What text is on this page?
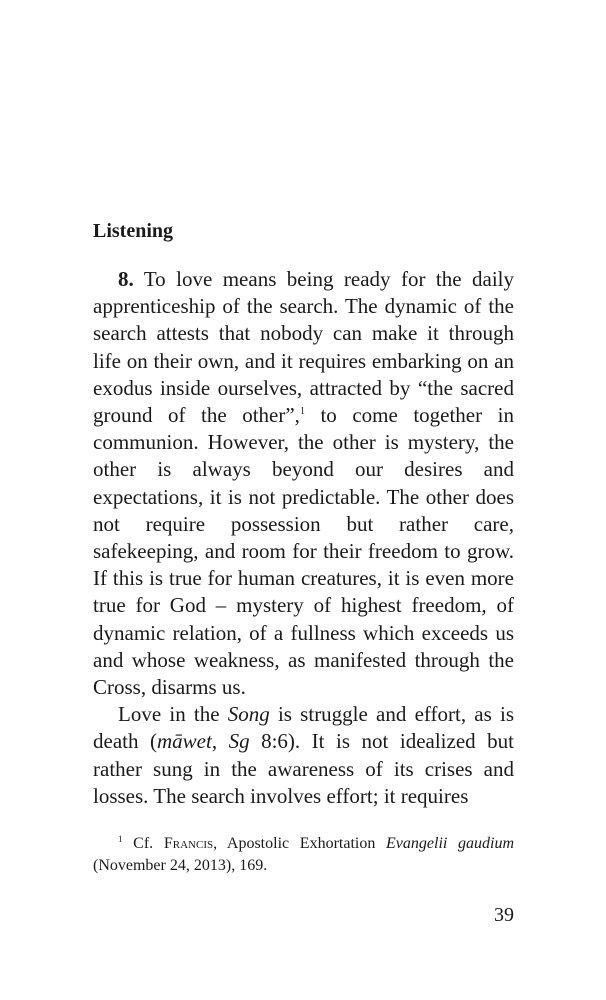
Listening

8. To love means being ready for the daily apprenticeship of the search. The dynamic of the search attests that nobody can make it through life on their own, and it requires embarking on an exodus inside ourselves, attracted by “the sacred ground of the other”,$^1$ to come together in communion. However, the other is mystery, the other is always beyond our desires and expectations, it is not predictable. The other does not require possession but rather care, safekeeping, and room for their freedom to grow. If this is true for human creatures, it is even more true for God – mystery of highest freedom, of dynamic relation, of a fullness which exceeds us and whose weakness, as manifested through the Cross, disarms us.

Love in the Song is struggle and effort, as is death (māwet, Sg 8:6). It is not idealized but rather sung in the awareness of its crises and losses. The search involves effort; it requires

$^1$ Cf. Francis, Apostolic Exhortation Evangelii gaudium (November 24, 2013), 169.

39
